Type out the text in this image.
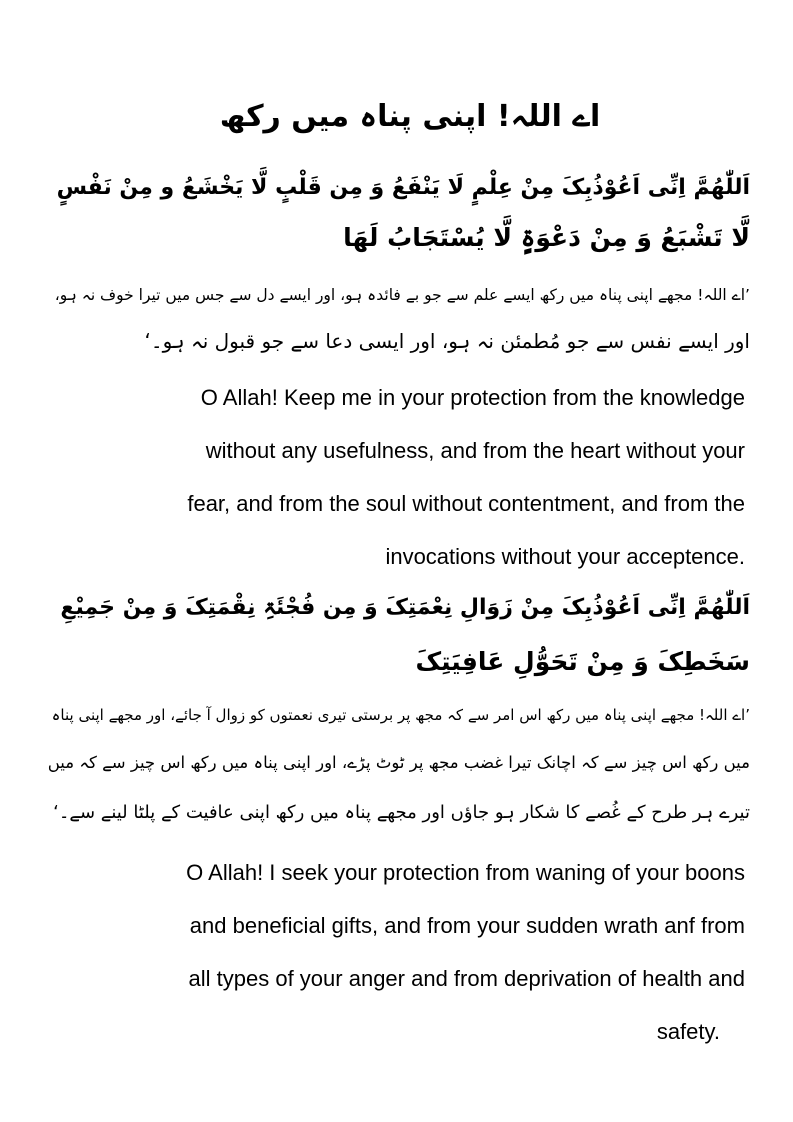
اے اللہ! اپنی پناہ میں رکھ
اَللّٰهُمَّ اِنِّی اَعُوْذُبِکَ مِنْ عِلْمٍ لَا یَنْفَعُ وَ مِن قَلْبٍ لَّا یَخْشَعُ و مِنْ نَفْسٍ
لَّا تَشْبَعُ وَ مِنْ دَعْوَۃٍ لَّا یُسْتَجَابُ لَهَا
’اے اللہ! مجھے اپنی پناہ میں رکھ ایسے علم سے جو بے فائدہ ہو، اور ایسے دل سے جس میں تیرا خوف نہ ہو،
اور ایسے نفس سے جو مُطمئن نہ ہو، اور ایسی دعا سے جو قبول نہ ہو۔‘
O Allah! Keep me in your protection from the knowledge
without any usefulness, and from the heart without your
fear, and from the soul without contentment, and from the
invocations without your acceptence.
اَللّٰهُمَّ اِنِّی اَعُوْذُبِکَ مِنْ زَوَالِ نِعْمَتِکَ وَ مِن فُجْئَۃِ نِقْمَتِکَ وَ مِنْ جَمِیْعِ
سَخَطِکَ وَ مِنْ تَحَوُّلِ عَافِیَتِکَ
’اے اللہ! مجھے اپنی پناہ میں رکھ اس امر سے کہ مجھ پر برستی تیری نعمتوں کو زوال آ جائے، اور مجھے اپنی پناہ
میں رکھ اس چیز سے کہ اچانک تیرا غضب مجھ پر ٹوٹ پڑے، اور اپنی پناہ میں رکھ اس چیز سے کہ میں
تیرے ہر طرح کے غُصے کا شکار ہو جاؤں اور مجھے پناہ میں رکھ اپنی عافیت کے پلٹا لینے سے۔‘
O Allah! I seek your protection from waning of your boons
and beneficial gifts, and from your sudden wrath anf from
all types of your anger and from deprivation of health and
safety.
